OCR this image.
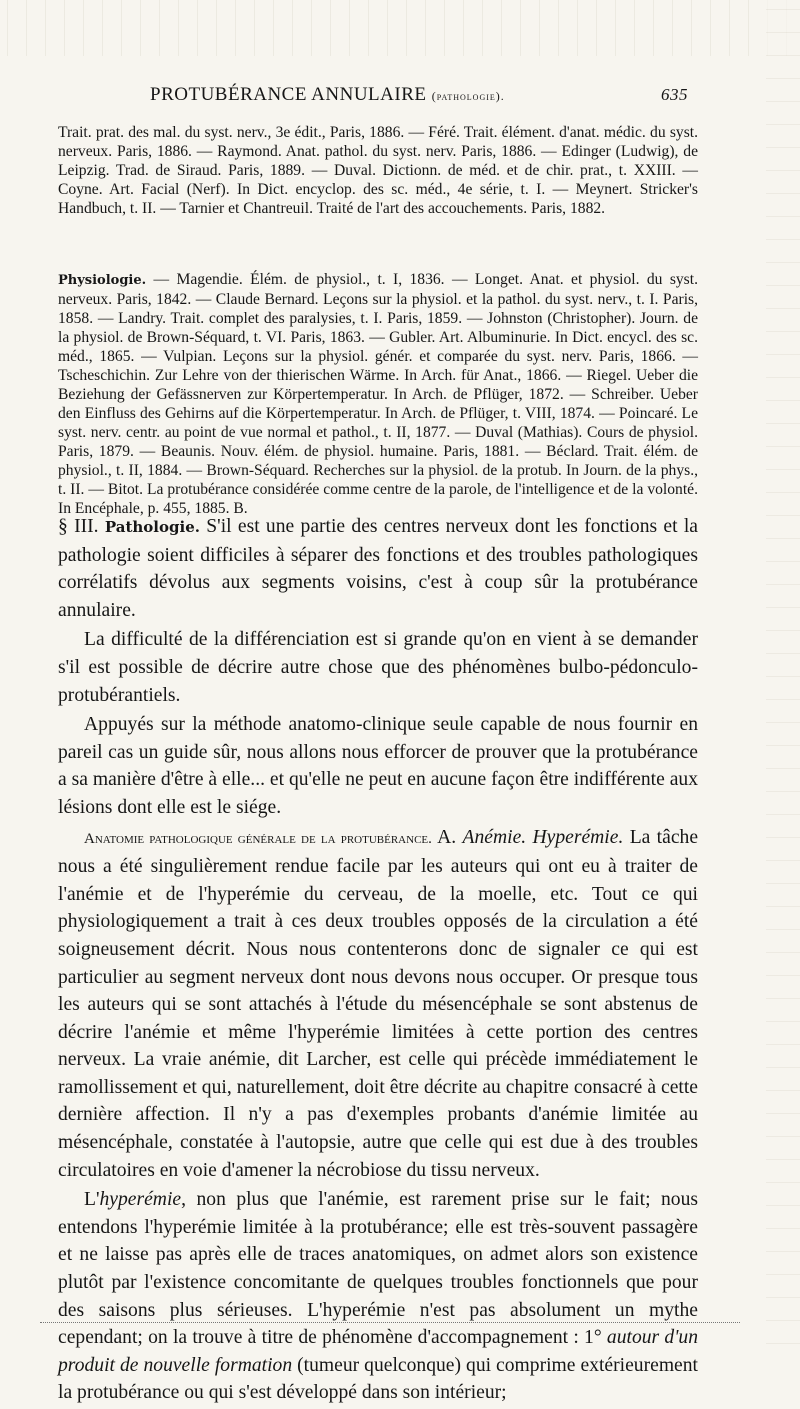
PROTUBÉRANCE ANNULAIRE (pathologie).	635

Trait. prat. des mal. du syst. nerv., 3e édit., Paris, 1886. — Féré. Trait. élément. d'anat. médic. du syst. nerveux. Paris, 1886. — Raymond. Anat. pathol. du syst. nerv. Paris, 1886. — Edinger (Ludwig), de Leipzig. Trad. de Siraud. Paris, 1889. — Duval. Dictionn. de méd. et de chir. prat., t. XXIII. — Coyne. Art. Facial (Nerf). In Dict. encyclop. des sc. méd., 4e série, t. I. — Meynert. Stricker's Handbuch, t. II. — Tarnier et Chantreuil. Traité de l'art des accouchements. Paris, 1882.

Physiologie. — Magendie. Élém. de physiol., t. I, 1836. — Longet. Anat. et physiol. du syst. nerveux. Paris, 1842. — Claude Bernard. Leçons sur la physiol. et la pathol. du syst. nerv., t. I. Paris, 1858. — Landry. Trait. complet des paralysies, t. I. Paris, 1859. — Johnston (Christopher). Journ. de la physiol. de Brown-Séquard, t. VI. Paris, 1863. — Gubler. Art. Albuminurie. In Dict. encycl. des sc. méd., 1865. — Vulpian. Leçons sur la physiol. génér. et comparée du syst. nerv. Paris, 1866. — Tscheschichin. Zur Lehre von der thierischen Wärme. In Arch. für Anat., 1866. — Riegel. Ueber die Beziehung der Gefässnerven zur Körpertemperatur. In Arch. de Pflüger, 1872. — Schreiber. Ueber den Einfluss des Gehirns auf die Körpertemperatur. In Arch. de Pflüger, t. VIII, 1874. — Poincaré. Le syst. nerv. centr. au point de vue normal et pathol., t. II, 1877. — Duval (Mathias). Cours de physiol. Paris, 1879. — Beaunis. Nouv. élém. de physiol. humaine. Paris, 1881. — Béclard. Trait. élém. de physiol., t. II, 1884. — Brown-Séquard. Recherches sur la physiol. de la protub. In Journ. de la phys., t. II. — Bitot. La protubérance considérée comme centre de la parole, de l'intelligence et de la volonté. In Encéphale, p. 455, 1885. B.

§ III. Pathologie. S'il est une partie des centres nerveux dont les fonctions et la pathologie soient difficiles à séparer des fonctions et des troubles pathologiques corrélatifs dévolus aux segments voisins, c'est à coup sûr la protubérance annulaire.

La difficulté de la différenciation est si grande qu'on en vient à se demander s'il est possible de décrire autre chose que des phénomènes bulbo-pédonculo-protubérantiels.

Appuyés sur la méthode anatomo-clinique seule capable de nous fournir en pareil cas un guide sûr, nous allons nous efforcer de prouver que la protubérance a sa manière d'être à elle... et qu'elle ne peut en aucune façon être indifférente aux lésions dont elle est le siége.

Anatomie pathologique générale de la protubérance. A. Anémie. Hyperémie. La tâche nous a été singulièrement rendue facile par les auteurs qui ont eu à traiter de l'anémie et de l'hyperémie du cerveau, de la moelle, etc. Tout ce qui physiologiquement a trait à ces deux troubles opposés de la circulation a été soigneusement décrit. Nous nous contenterons donc de signaler ce qui est particulier au segment nerveux dont nous devons nous occuper. Or presque tous les auteurs qui se sont attachés à l'étude du mésencéphale se sont abstenus de décrire l'anémie et même l'hyperémie limitées à cette portion des centres nerveux. La vraie anémie, dit Larcher, est celle qui précède immédiatement le ramollissement et qui, naturellement, doit être décrite au chapitre consacré à cette dernière affection. Il n'y a pas d'exemples probants d'anémie limitée au mésencéphale, constatée à l'autopsie, autre que celle qui est due à des troubles circulatoires en voie d'amener la nécrobiose du tissu nerveux.

L'hyperémie, non plus que l'anémie, est rarement prise sur le fait; nous entendons l'hyperémie limitée à la protubérance; elle est très-souvent passagère et ne laisse pas après elle de traces anatomiques, on admet alors son existence plutôt par l'existence concomitante de quelques troubles fonctionnels que pour des saisons plus sérieuses. L'hyperémie n'est pas absolument un mythe cependant; on la trouve à titre de phénomène d'accompagnement : 1° autour d'un produit de nouvelle formation (tumeur quelconque) qui comprime extérieurement la protubérance ou qui s'est développé dans son intérieur;
